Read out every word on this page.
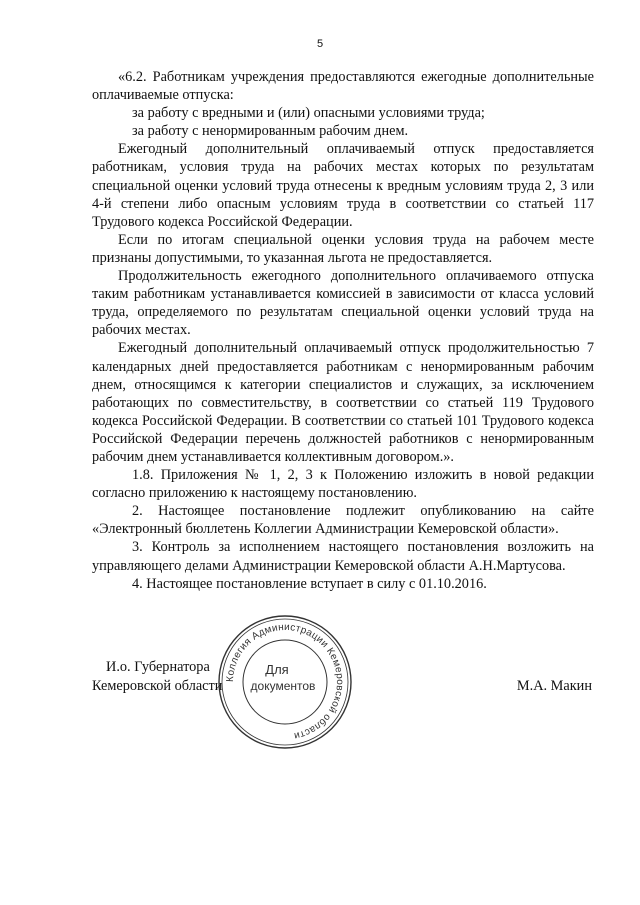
5

«6.2. Работникам учреждения предоставляются ежегодные дополнительные оплачиваемые отпуска:

за работу с вредными и (или) опасными условиями труда;

за работу с ненормированным рабочим днем.

Ежегодный дополнительный оплачиваемый отпуск предоставляется работникам, условия труда на рабочих местах которых по результатам специальной оценки условий труда отнесены к вредным условиям труда 2, 3 или 4-й степени либо опасным условиям труда в соответствии со статьей 117 Трудового кодекса Российской Федерации.

Если по итогам специальной оценки условия труда на рабочем месте признаны допустимыми, то указанная льгота не предоставляется.

Продолжительность ежегодного дополнительного оплачиваемого отпуска таким работникам устанавливается комиссией в зависимости от класса условий труда, определяемого по результатам специальной оценки условий труда на рабочих местах.

Ежегодный дополнительный оплачиваемый отпуск продолжительностью 7 календарных дней предоставляется работникам с ненормированным рабочим днем, относящимся к категории специалистов и служащих, за исключением работающих по совместительству, в соответствии со статьей 119 Трудового кодекса Российской Федерации. В соответствии со статьей 101 Трудового кодекса Российской Федерации перечень должностей работников с ненормированным рабочим днем устанавливается коллективным договором.».

1.8. Приложения № 1, 2, 3 к Положению изложить в новой редакции согласно приложению к настоящему постановлению.

2. Настоящее постановление подлежит опубликованию на сайте «Электронный бюллетень Коллегии Администрации Кемеровской области».

3. Контроль за исполнением настоящего постановления возложить на управляющего делами Администрации Кемеровской области А.Н.Мартусова.

4. Настоящее постановление вступает в силу с 01.10.2016.

Коллегия Администрации Кемеровской области
Для
документов
И.о. Губернатора
Кемеровской области	М.А. Макин
